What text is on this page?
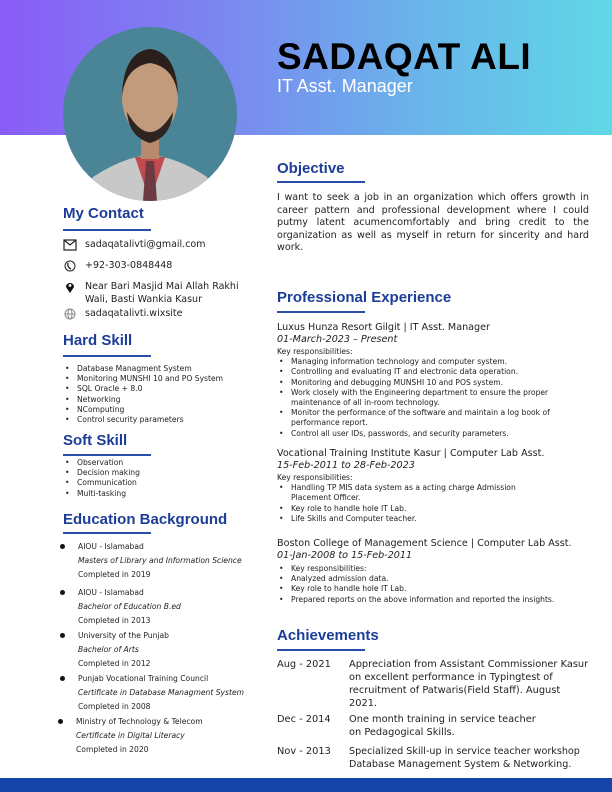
SADAQAT ALI
IT Asst. Manager
My Contact
sadaqatalivti@gmail.com
+92-303-0848448
Near Bari Masjid Mai Allah Rakhi
Wali, Basti Wankia Kasur
sadaqatalivti.wixsite
Hard Skill
• Database Managment System
• Monitoring MUNSHI 10 and PO System
• SQL Oracle + 8.0
• Networking
• NComputing
• Control security parameters
Soft Skill
• Observation
• Decision making
• Communication
• Multi-tasking
Education Background
AIOU - Islamabad
Masters of Library and Information Science
Completed in 2019
AIOU - Islamabad
Bachelor of Education B.ed
Completed in 2013
University of the Punjab
Bachelor of Arts
Completed in 2012
Punjab Vocational Training Council
Certificate in Database Managment System
Completed in 2008
Ministry of Technology & Telecom
Certificate in Digital Literacy
Completed in 2020
Objective
I want to seek a job in an organization which offers growth in career pattern and professional development where I could putmy latent acumencomfortably and bring credit to the organization as well as myself in return for sincerity and hard work.
Professional Experience
Luxus Hunza Resort Gilgit | IT Asst. Manager
01-March-2023 – Present
Key responsibilities:
• Managing information technology and computer system.
• Controlling and evaluating IT and electronic data operation.
• Monitoring and debugging MUNSHI 10 and POS system.
• Work closely with the Engineering department to ensure the proper maintenance of all in-room technology.
• Monitor the performance of the software and maintain a log book of performance report.
• Control all user IDs, passwords, and security parameters.
Vocational Training Institute Kasur | Computer Lab Asst.
15-Feb-2011 to 28-Feb-2023
Key responsibilities:
• Handling TP MIS data system as a acting charge Admission Placement Officer.
• Key role to handle hole IT Lab.
• Life Skills and Computer teacher.
Boston College of Management Science | Computer Lab Asst.
01-Jan-2008 to 15-Feb-2011
• Key responsibilities:
• Analyzed admission data.
• Key role to handle hole IT Lab.
• Prepared reports on the above information and reported the insights.
Achievements
Aug - 2021	Appreciation from Assistant Commissioner Kasur on excellent performance in Typingtest of recruitment of Patwaris(Field Staff). August 2021.
Dec - 2014	One month training in service teacher on Pedagogical Skills.
Nov - 2013	Specialized Skill-up in service teacher workshop Database Management System & Networking.
